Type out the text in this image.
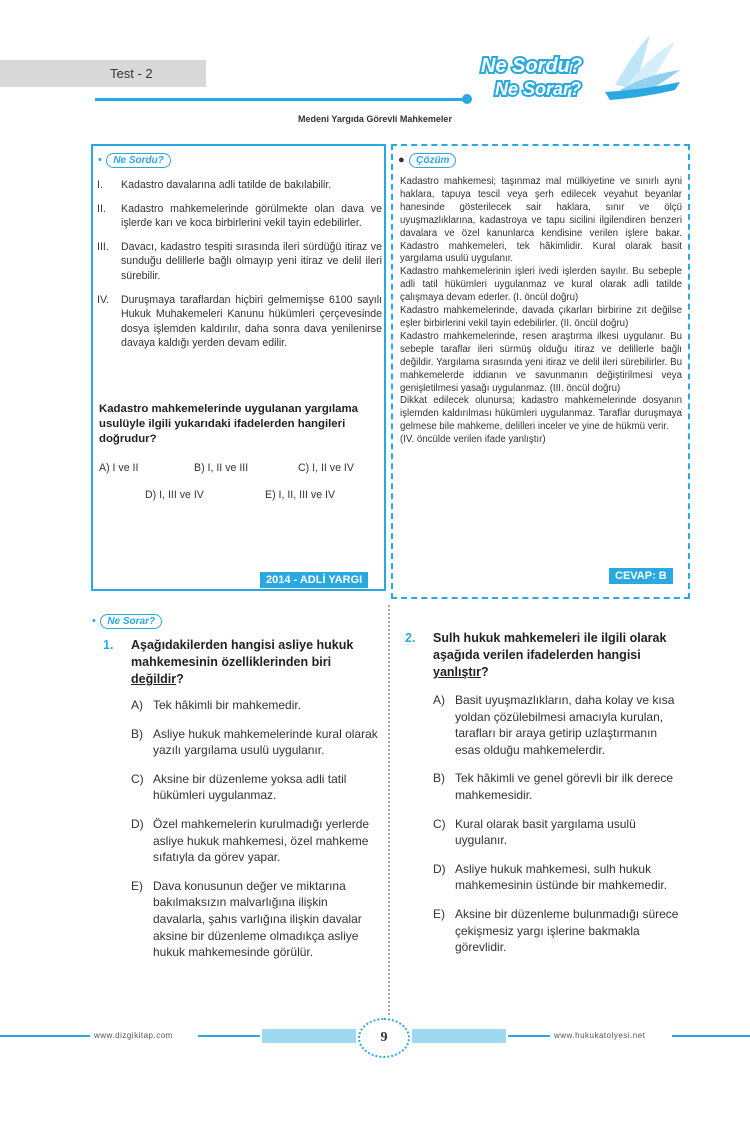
Test - 2	Ne Sordu?
Ne Sorar?
Medeni Yargıda Görevli Mahkemeler
• Ne Sordu?
I.	Kadastro davalarına adli tatilde de bakılabilir.
II.	Kadastro mahkemelerinde görülmekte olan dava ve işlerde karı ve koca birbirlerini vekil tayin edebilirler.
III.	Davacı, kadastro tespiti sırasında ileri sürdüğü itiraz ve sunduğu delillerle bağlı olmayıp yeni itiraz ve delil ileri sürebilir.
IV.	Duruşmaya taraflardan hiçbiri gelmemişse 6100 sayılı Hukuk Muhakemeleri Kanunu hükümleri çerçevesinde dosya işlemden kaldırılır, daha sonra dava yenilenirse davaya kaldığı yerden devam edilir.
Kadastro mahkemelerinde uygulanan yargılama usulüyle ilgili yukarıdaki ifadelerden hangileri doğrudur?
A) I ve II	B) I, II ve III	C) I, II ve IV
D) I, III ve IV	E) I, II, III ve IV
2014 - ADLİ YARGI
● Çözüm

Kadastro mahkemesi; taşınmaz mal mülkiyetine ve sınırlı ayni haklara, tapuya tescil veya şerh edilecek veyahut beyanlar hanesinde gösterilecek sair haklara, sınır ve ölçü uyuşmazlıklarına, kadastroya ve tapu sicilini ilgilendiren benzeri davalara ve özel kanunlarca kendisine verilen işlere bakar. Kadastro mahkemeleri, tek hâkimlidir. Kural olarak basit yargılama usulü uygulanır.

Kadastro mahkemelerinin işleri ivedi işlerden sayılır. Bu sebeple adli tatil hükümleri uygulanmaz ve kural olarak adli tatilde çalışmaya devam ederler. (I. öncül doğru)

Kadastro mahkemelerinde, davada çıkarları birbirine zıt değilse eşler birbirlerini vekil tayin edebilirler. (II. öncül doğru)

Kadastro mahkemelerinde, resen araştırma ilkesi uygulanır. Bu sebeple taraflar ileri sürmüş olduğu itiraz ve delillerle bağlı değildir. Yargılama sırasında yeni itiraz ve delil ileri sürebilirler. Bu mahkemelerde iddianın ve savunmanın değiştirilmesi veya genişletilmesi yasağı uygulanmaz. (III. öncül doğru)

Dikkat edilecek olunursa; kadastro mahkemelerinde dosyanın işlemden kaldırılması hükümleri uygulanmaz. Taraflar duruşmaya gelmese bile mahkeme, delilleri inceler ve yine de hükmü verir.

(IV. öncülde verilen ifade yanlıştır)

CEVAP: B
• Ne Sorar?
1. Aşağıdakilerden hangisi asliye hukuk mahkemesinin özelliklerinden biri değildir?
A) Tek hâkimli bir mahkemedir.
B) Asliye hukuk mahkemelerinde kural olarak yazılı yargılama usulü uygulanır.
C) Aksine bir düzenleme yoksa adli tatil hükümleri uygulanmaz.
D) Özel mahkemelerin kurulmadığı yerlerde asliye hukuk mahkemesi, özel mahkeme sıfatıyla da görev yapar.
E) Dava konusunun değer ve miktarına bakılmaksızın malvarlığına ilişkin davalarla, şahıs varlığına ilişkin davalar aksine bir düzenleme olmadıkça asliye hukuk mahkemesinde görülür.
2. Sulh hukuk mahkemeleri ile ilgili olarak aşağıda verilen ifadelerden hangisi yanlıştır?
A) Basit uyuşmazlıkların, daha kolay ve kısa yoldan çözülebilmesi amacıyla kurulan, tarafları bir araya getirip uzlaştırmanın esas olduğu mahkemelerdir.
B) Tek hâkimli ve genel görevli bir ilk derece mahkemesidir.
C) Kural olarak basit yargılama usulü uygulanır.
D) Asliye hukuk mahkemesi, sulh hukuk mahkemesinin üstünde bir mahkemedir.
E) Aksine bir düzenleme bulunmadığı sürece çekişmesiz yargı işlerine bakmakla görevlidir.
www.dizgikitap.com	9	www.hukukatolyesi.net
